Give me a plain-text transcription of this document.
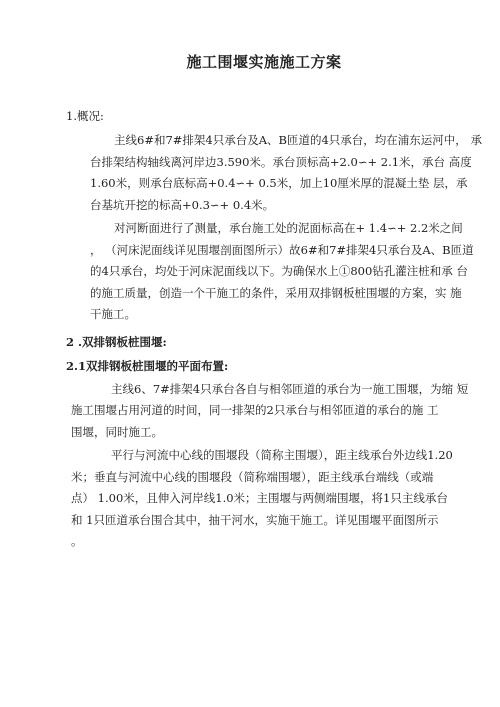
施工围堰实施施工方案
1.概况:
主线6#和7#排架4只承台及A、B匝道的4只承台，均在浦东运河中， 承
台排架结构轴线离河岸边3.590米。承台顶标高+2.0∽+ 2.1米，承台 高度
1.60米，则承台底标高+0.4∽+ 0.5米，加上10厘米厚的混凝土垫 层，承
台基坑开挖的标高+0.3∽+ 0.4米。
对河断面进行了测量，承台施工处的泥面标高在+ 1.4∽+ 2.2米之间
， （河床泥面线详见围堰剖面图所示）故6#和7#排架4只承台及A、B匝道
的4只承台，均处于河床泥面线以下。为确保水上①800钻孔灌注桩和承 台
的施工质量，创造一个干施工的条件，采用双排钢板桩围堰的方案，实 施
干施工。
2 .双排钢板桩围堰:
2.1双排钢板桩围堰的平面布置:
主线6、7#排架4只承台各自与相邻匝道的承台为一施工围堰，为缩 短
施工围堰占用河道的时间，同一排架的2只承台与相邻匝道的承台的施 工
围堰，同时施工。
平行与河流中心线的围堰段（简称主围堰），距主线承台外边线1.20
米；垂直与河流中心线的围堰段（简称端围堰），距主线承台端线（或端
点） 1.00米，且伸入河岸线1.0米；主围堰与两侧端围堰，将1只主线承台
和 1只匝道承台围合其中，抽干河水，实施干施工。详见围堰平面图所示
。
